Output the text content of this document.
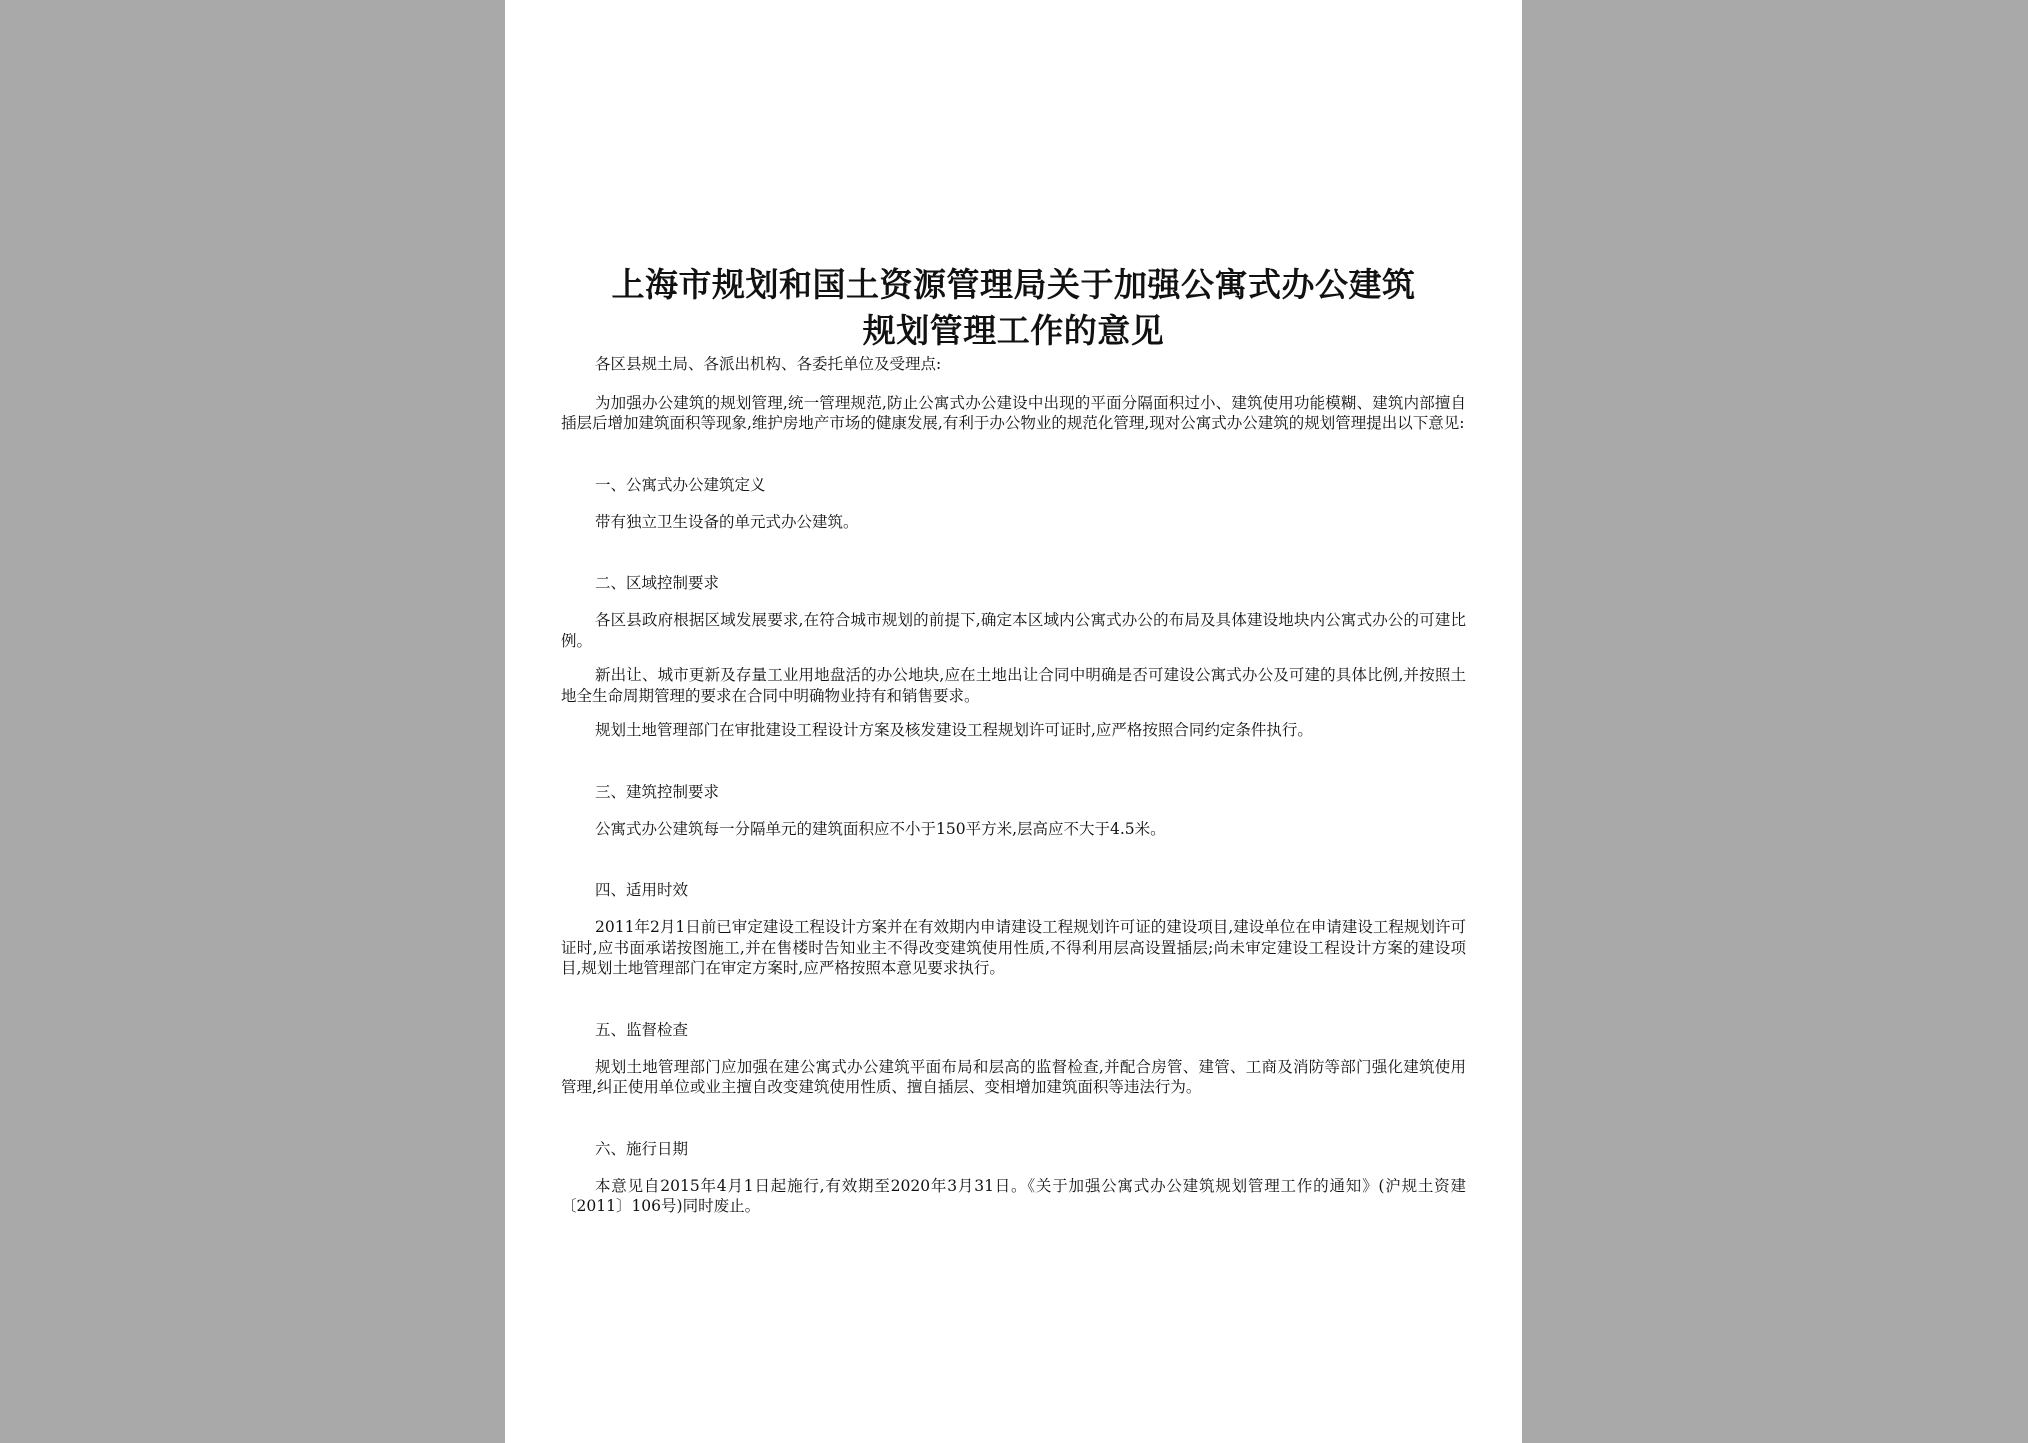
上海市规划和国土资源管理局关于加强公寓式办公建筑
规划管理工作的意见

各区县规土局、各派出机构、各委托单位及受理点:

为加强办公建筑的规划管理,统一管理规范,防止公寓式办公建设中出现的平面分隔面积过小、建筑使用功能模糊、建筑内部擅自插层后增加建筑面积等现象,维护房地产市场的健康发展,有利于办公物业的规范化管理,现对公寓式办公建筑的规划管理提出以下意见:

一、公寓式办公建筑定义

带有独立卫生设备的单元式办公建筑。

二、区域控制要求

各区县政府根据区域发展要求,在符合城市规划的前提下,确定本区域内公寓式办公的布局及具体建设地块内公寓式办公的可建比例。

新出让、城市更新及存量工业用地盘活的办公地块,应在土地出让合同中明确是否可建设公寓式办公及可建的具体比例,并按照土地全生命周期管理的要求在合同中明确物业持有和销售要求。

规划土地管理部门在审批建设工程设计方案及核发建设工程规划许可证时,应严格按照合同约定条件执行。

三、建筑控制要求

公寓式办公建筑每一分隔单元的建筑面积应不小于150平方米,层高应不大于4.5米。

四、适用时效

2011年2月1日前已审定建设工程设计方案并在有效期内申请建设工程规划许可证的建设项目,建设单位在申请建设工程规划许可证时,应书面承诺按图施工,并在售楼时告知业主不得改变建筑使用性质,不得利用层高设置插层;尚未审定建设工程设计方案的建设项目,规划土地管理部门在审定方案时,应严格按照本意见要求执行。

五、监督检查

规划土地管理部门应加强在建公寓式办公建筑平面布局和层高的监督检查,并配合房管、建管、工商及消防等部门强化建筑使用管理,纠正使用单位或业主擅自改变建筑使用性质、擅自插层、变相增加建筑面积等违法行为。

六、施行日期

本意见自2015年4月1日起施行,有效期至2020年3月31日。《关于加强公寓式办公建筑规划管理工作的通知》(沪规土资建〔2011〕106号)同时废止。
